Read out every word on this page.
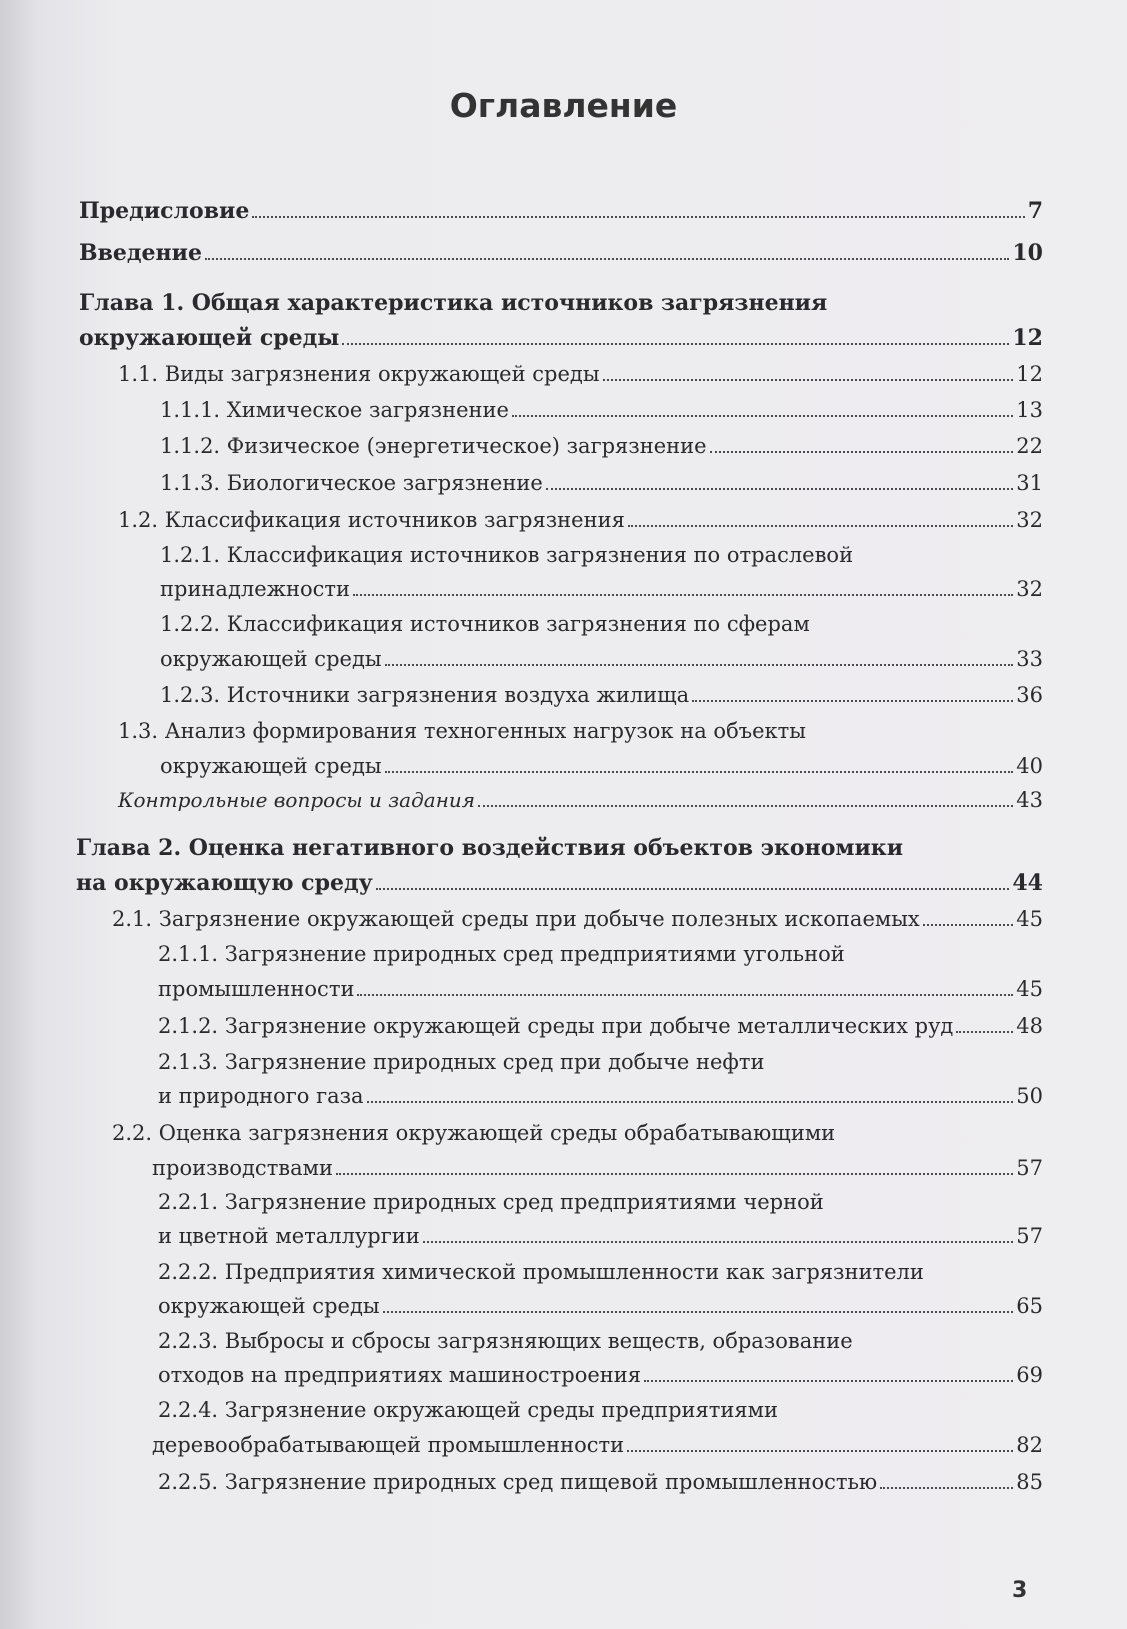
Оглавление
Предисловие	7
Введение	10
Глава 1. Общая характеристика источников загрязнения
окружающей среды	12
1.1. Виды загрязнения окружающей среды	12
1.1.1. Химическое загрязнение	13
1.1.2. Физическое (энергетическое) загрязнение	22
1.1.3. Биологическое загрязнение	31
1.2. Классификация источников загрязнения	32
1.2.1. Классификация источников загрязнения по отраслевой
принадлежности	32
1.2.2. Классификация источников загрязнения по сферам
окружающей среды	33
1.2.3. Источники загрязнения воздуха жилища	36
1.3. Анализ формирования техногенных нагрузок на объекты
окружающей среды	40
Контрольные вопросы и задания	43
Глава 2. Оценка негативного воздействия объектов экономики
на окружающую среду	44
2.1. Загрязнение окружающей среды при добыче полезных ископаемых	45
2.1.1. Загрязнение природных сред предприятиями угольной
промышленности	45
2.1.2. Загрязнение окружающей среды при добыче металлических руд	48
2.1.3. Загрязнение природных сред при добыче нефти
и природного газа	50
2.2. Оценка загрязнения окружающей среды обрабатывающими
производствами	57
2.2.1. Загрязнение природных сред предприятиями черной
и цветной металлургии	57
2.2.2. Предприятия химической промышленности как загрязнители
окружающей среды	65
2.2.3. Выбросы и сбросы загрязняющих веществ, образование
отходов на предприятиях машиностроения	69
2.2.4. Загрязнение окружающей среды предприятиями
деревообрабатывающей промышленности	82
2.2.5. Загрязнение природных сред пищевой промышленностью	85
3
